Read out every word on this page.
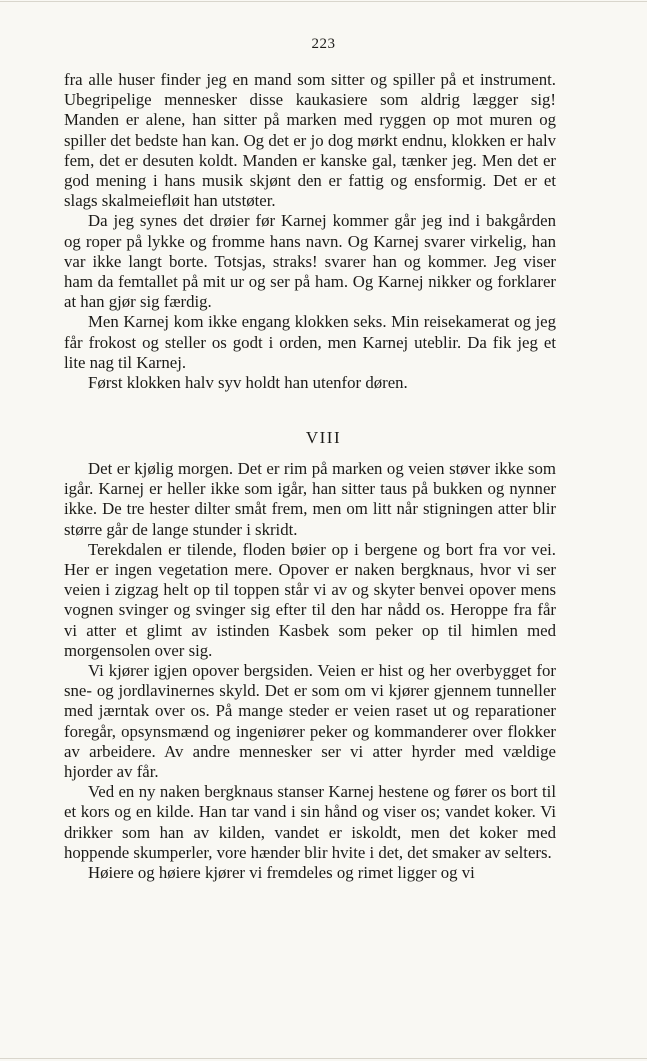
223

fra alle huser finder jeg en mand som sitter og spiller på et instrument. Ubegripelige mennesker disse kaukasiere som aldrig lægger sig! Manden er alene, han sitter på marken med ryggen op mot muren og spiller det bedste han kan. Og det er jo dog mørkt endnu, klokken er halv fem, det er desuten koldt. Manden er kanske gal, tænker jeg. Men det er god mening i hans musik skjønt den er fattig og ensformig. Det er et slags skalmeiefløit han utstøter.

Da jeg synes det drøier før Karnej kommer går jeg ind i bakgården og roper på lykke og fromme hans navn. Og Karnej svarer virkelig, han var ikke langt borte. Totsjas, straks! svarer han og kommer. Jeg viser ham da femtallet på mit ur og ser på ham. Og Karnej nikker og forklarer at han gjør sig færdig.

Men Karnej kom ikke engang klokken seks. Min reisekamerat og jeg får frokost og steller os godt i orden, men Karnej uteblir. Da fik jeg et lite nag til Karnej.

Først klokken halv syv holdt han utenfor døren.

VIII

Det er kjølig morgen. Det er rim på marken og veien støver ikke som igår. Karnej er heller ikke som igår, han sitter taus på bukken og nynner ikke. De tre hester dilter småt frem, men om litt når stigningen atter blir større går de lange stunder i skridt.

Terekdalen er tilende, floden bøier op i bergene og bort fra vor vei. Her er ingen vegetation mere. Opover er naken bergknaus, hvor vi ser veien i zigzag helt op til toppen står vi av og skyter benvei opover mens vognen svinger og svinger sig efter til den har nådd os. Heroppe fra får vi atter et glimt av istinden Kasbek som peker op til himlen med morgensolen over sig.

Vi kjører igjen opover bergsiden. Veien er hist og her overbygget for sne- og jordlavinernes skyld. Det er som om vi kjører gjennem tunneller med jærntak over os. På mange steder er veien raset ut og reparationer foregår, opsynsmænd og ingeniører peker og kommanderer over flokker av arbeidere. Av andre mennesker ser vi atter hyrder med vældige hjorder av får.

Ved en ny naken bergknaus stanser Karnej hestene og fører os bort til et kors og en kilde. Han tar vand i sin hånd og viser os; vandet koker. Vi drikker som han av kilden, vandet er iskoldt, men det koker med hoppende skumperler, vore hænder blir hvite i det, det smaker av selters.

Høiere og høiere kjører vi fremdeles og rimet ligger og vi
